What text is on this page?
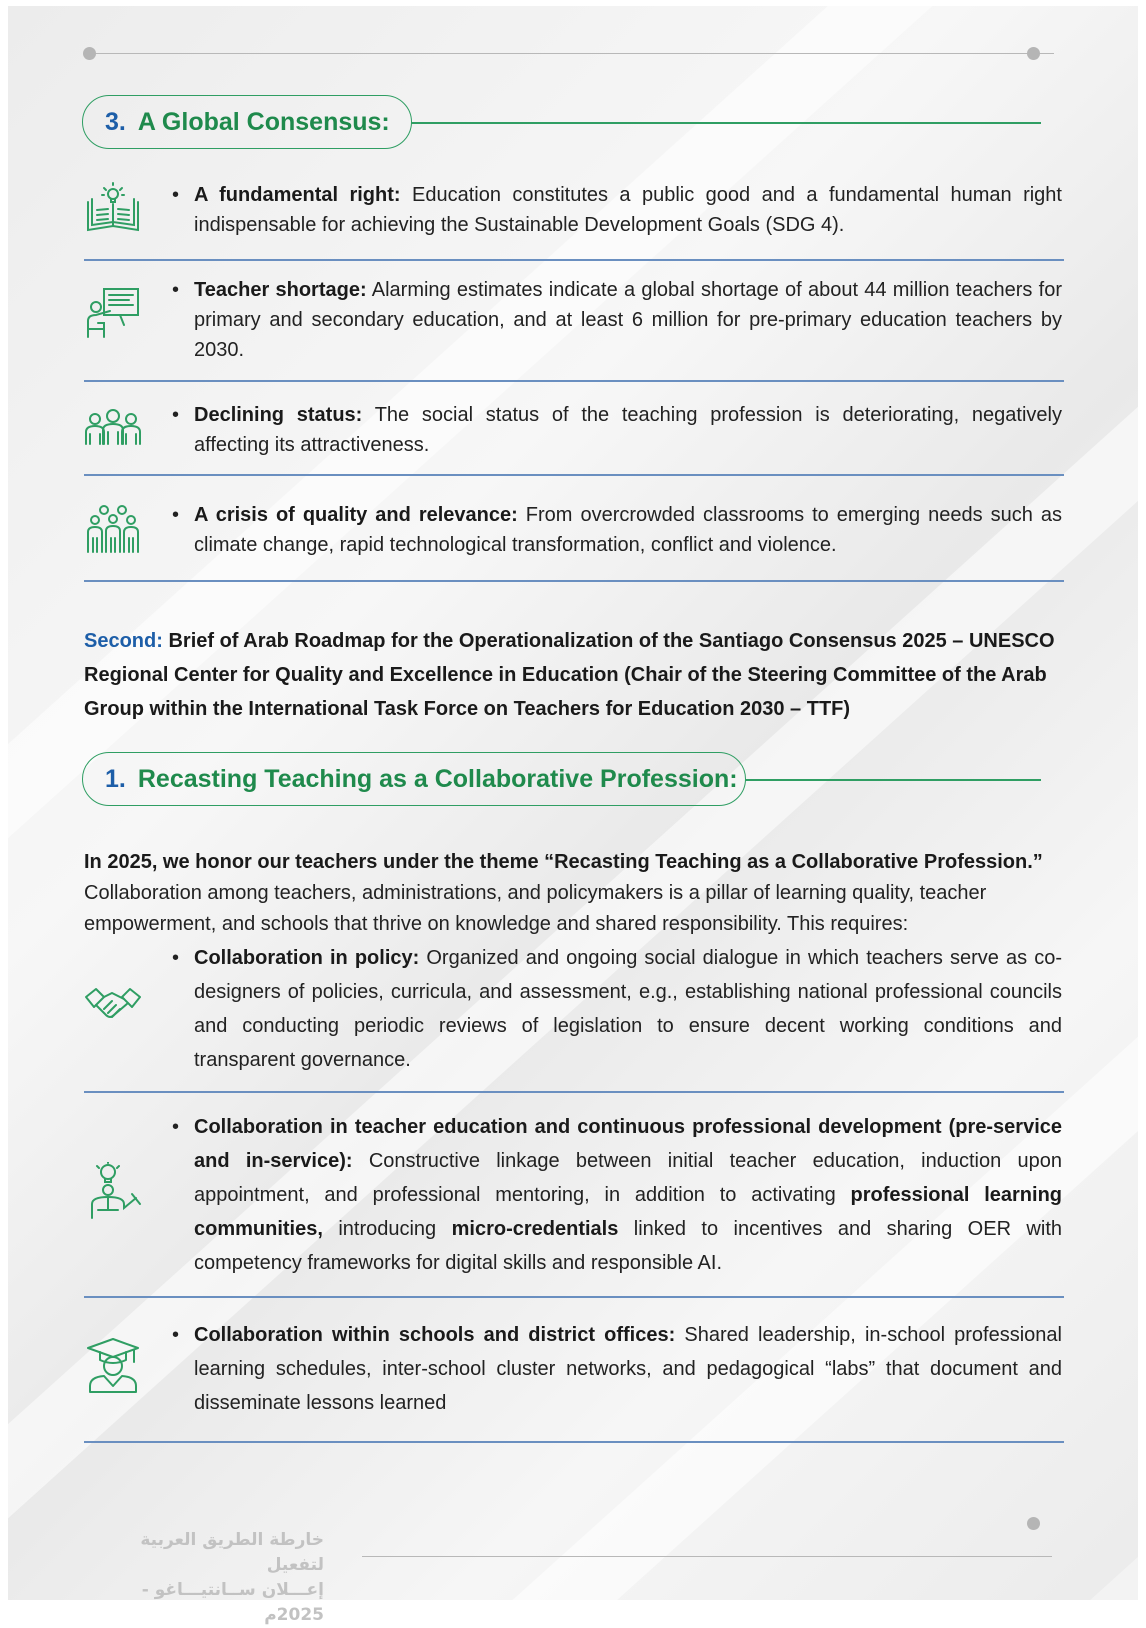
3. A Global Consensus:
• A fundamental right: Education constitutes a public good and a fundamental human right indispensable for achieving the Sustainable Development Goals (SDG 4).
• Teacher shortage: Alarming estimates indicate a global shortage of about 44 million teachers for primary and secondary education, and at least 6 million for pre-primary education teachers by 2030.
• Declining status: The social status of the teaching profession is deteriorating, negatively affecting its attractiveness.
• A crisis of quality and relevance: From overcrowded classrooms to emerging needs such as climate change, rapid technological transformation, conflict and violence.
Second: Brief of Arab Roadmap for the Operationalization of the Santiago Consensus 2025 – UNESCO Regional Center for Quality and Excellence in Education (Chair of the Steering Committee of the Arab Group within the International Task Force on Teachers for Education 2030 – TTF)
1. Recasting Teaching as a Collaborative Profession:
In 2025, we honor our teachers under the theme “Recasting Teaching as a Collaborative Profession.”
Collaboration among teachers, administrations, and policymakers is a pillar of learning quality, teacher empowerment, and schools that thrive on knowledge and shared responsibility. This requires:
• Collaboration in policy: Organized and ongoing social dialogue in which teachers serve as co-designers of policies, curricula, and assessment, e.g., establishing national professional councils and conducting periodic reviews of legislation to ensure decent working conditions and transparent governance.
• Collaboration in teacher education and continuous professional development (pre-service and in-service): Constructive linkage between initial teacher education, induction upon appointment, and professional mentoring, in addition to activating professional learning communities, introducing micro-credentials linked to incentives and sharing OER with competency frameworks for digital skills and responsible AI.
• Collaboration within schools and district offices: Shared leadership, in-school professional learning schedules, inter-school cluster networks, and pedagogical “labs” that document and disseminate lessons learned
خارطة الطريق العربية لتفعيل
إعـــلان ســانتيـــاغو - 2025م
